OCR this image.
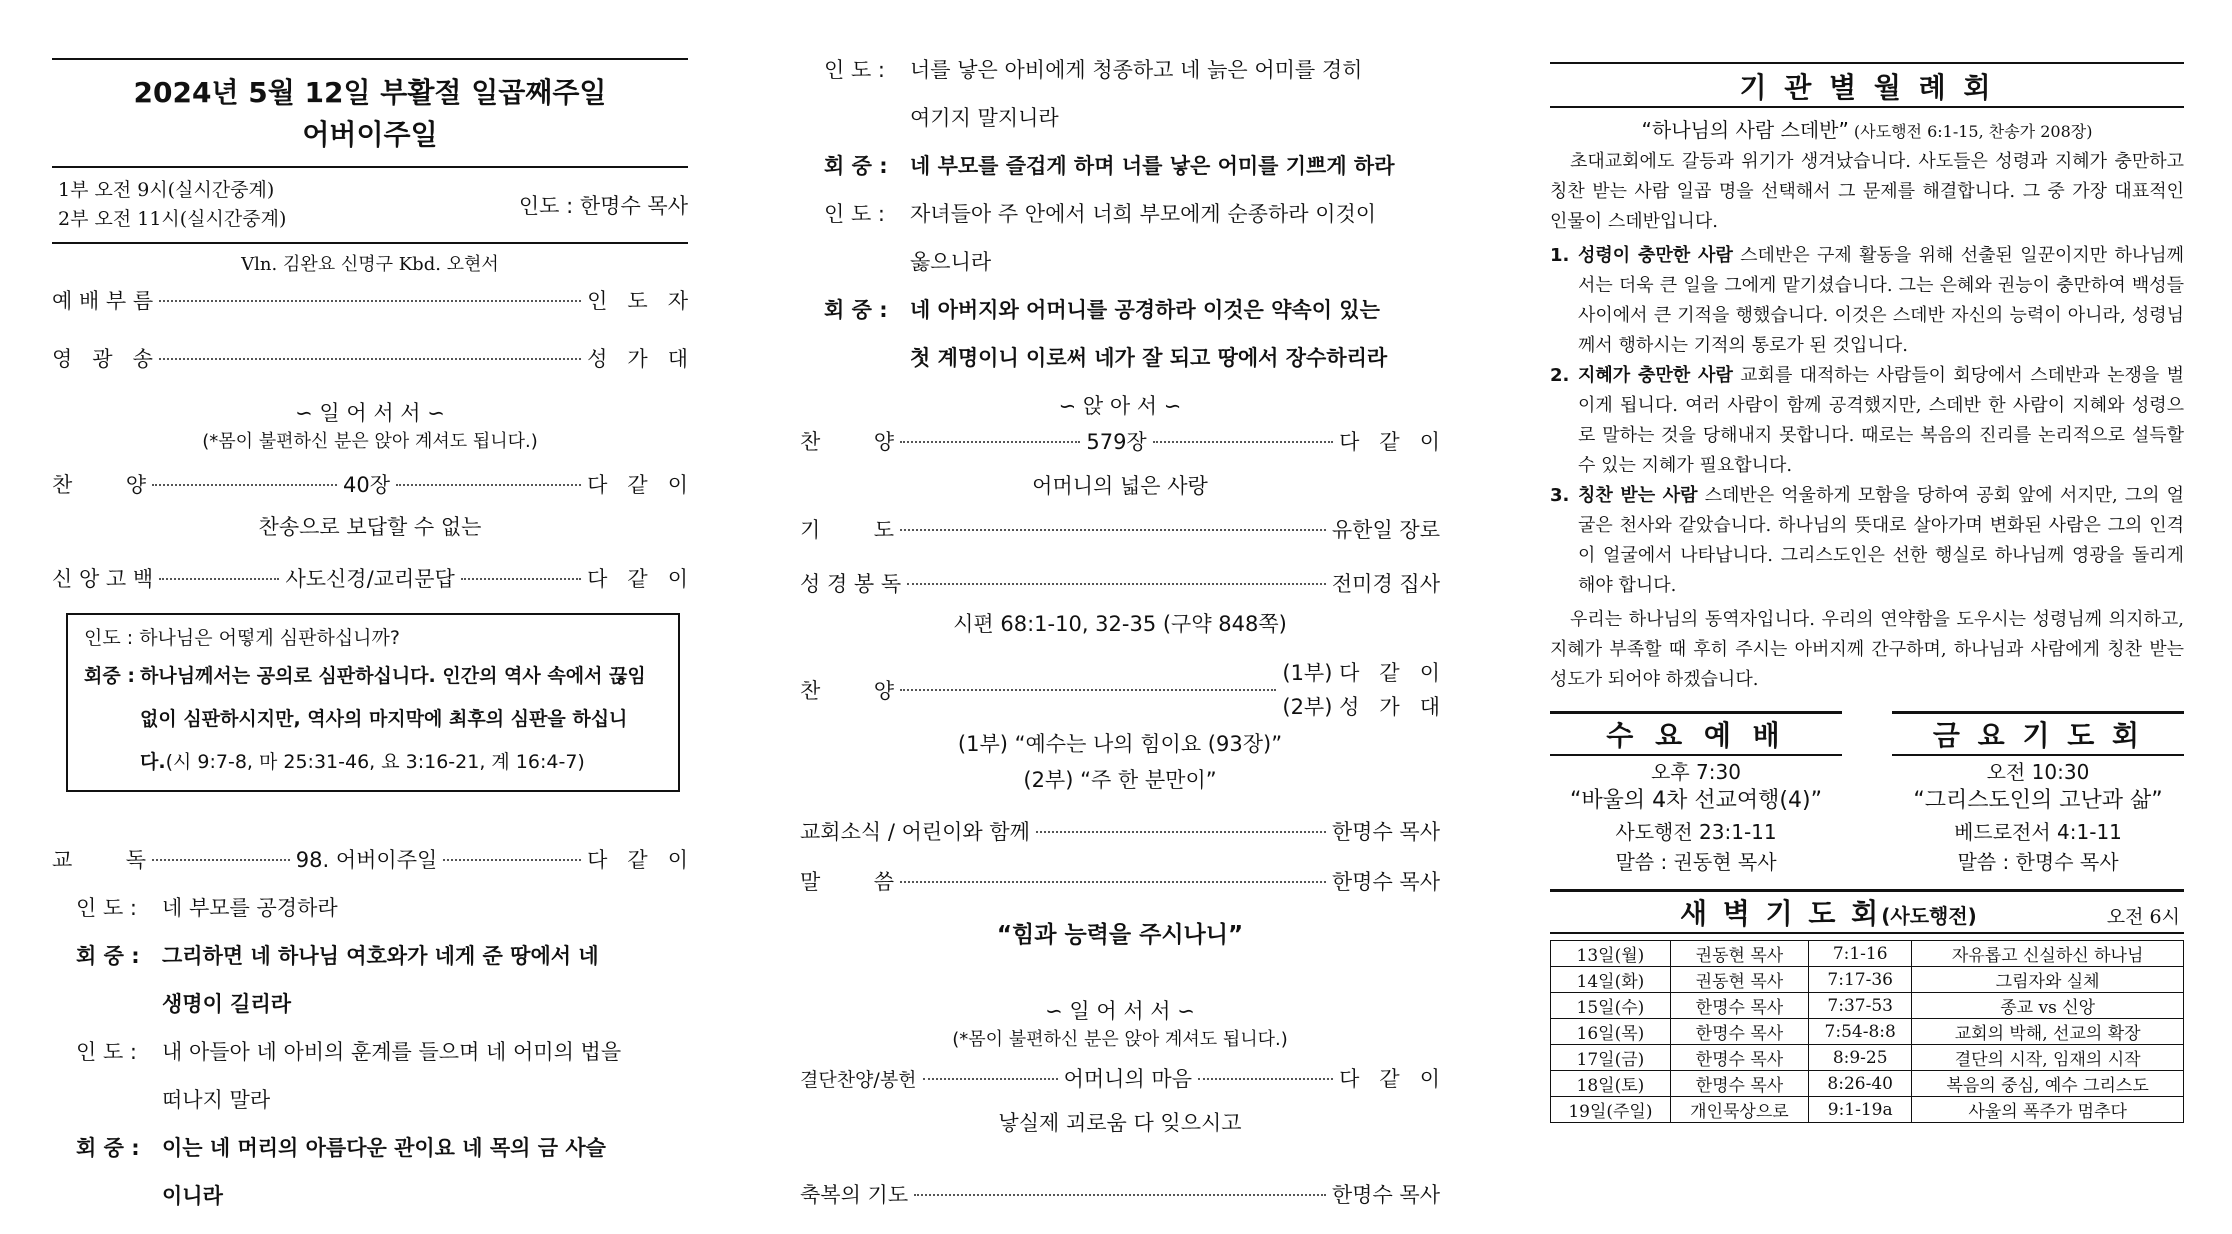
2024년 5월 12일 부활절 일곱째주일
어버이주일
1부 오전 9시(실시간중계)
2부 오전 11시(실시간중계)
인도 : 한명수 목사
Vln. 김완요 신명구 Kbd. 오현서
예 배 부 름	인   도   자
영   광   송	성   가   대
∽ 일 어 서 서 ∽
(*몸이 불편하신 분은 앉아 계셔도 됩니다.)
찬        양	40장	다   같   이
찬송으로 보답할 수 없는
신 앙 고 백	사도신경/교리문답	다   같   이
인도 : 하나님은 어떻게 심판하십니까?
회중 :
하나님께서는 공의로 심판하십니다. 인간의 역사 속에서 끊임
없이 심판하시지만, 역사의 마지막에 최후의 심판을 하십니
다.(시 9:7-8, 마 25:31-46, 요 3:16-21, 계 16:4-7)
교        독	98. 어버이주일	다   같   이
인 도 : 네 부모를 공경하라
회 중 : 그리하면 네 하나님 여호와가 네게 준 땅에서 네
생명이 길리라
인 도 : 내 아들아 네 아비의 훈계를 들으며 네 어미의 법을
떠나지 말라
회 중 : 이는 네 머리의 아름다운 관이요 네 목의 금 사슬
이니라
인 도 : 너를 낳은 아비에게 청종하고 네 늙은 어미를 경히
여기지 말지니라
회 중 : 네 부모를 즐겁게 하며 너를 낳은 어미를 기쁘게 하라
인 도 : 자녀들아 주 안에서 너희 부모에게 순종하라 이것이
옳으니라
회 중 : 네 아버지와 어머니를 공경하라 이것은 약속이 있는
첫 계명이니 이로써 네가 잘 되고 땅에서 장수하리라
∽ 앉 아 서 ∽
찬        양	579장	다   같   이
어머니의 넓은 사랑
기        도	유한일 장로
성 경 봉 독	전미경 집사
시편 68:1-10, 32-35 (구약 848쪽)
찬        양
(1부) 다   같   이
(2부) 성   가   대
(1부) “예수는 나의 힘이요 (93장)”
(2부) “주 한 분만이”
교회소식 / 어린이와 함께	한명수 목사
말        씀	한명수 목사
“힘과 능력을 주시나니”
∽ 일 어 서 서 ∽
(*몸이 불편하신 분은 앉아 계셔도 됩니다.)
결단찬양/봉헌	어머니의 마음	다   같   이
낳실제 괴로움 다 잊으시고
축복의 기도	한명수 목사
기 관 별 월 례 회
“하나님의 사람 스데반” (사도행전 6:1-15, 찬송가 208장)
초대교회에도 갈등과 위기가 생겨났습니다. 사도들은 성령과 지혜가 충만하고 칭찬 받는 사람 일곱 명을 선택해서 그 문제를 해결합니다. 그 중 가장 대표적인 인물이 스데반입니다.
1. 성령이 충만한 사람 스데반은 구제 활동을 위해 선출된 일꾼이지만 하나님께서는 더욱 큰 일을 그에게 맡기셨습니다. 그는 은혜와 권능이 충만하여 백성들 사이에서 큰 기적을 행했습니다. 이것은 스데반 자신의 능력이 아니라, 성령님께서 행하시는 기적의 통로가 된 것입니다.
2. 지혜가 충만한 사람 교회를 대적하는 사람들이 회당에서 스데반과 논쟁을 벌이게 됩니다. 여러 사람이 함께 공격했지만, 스데반 한 사람이 지혜와 성령으로 말하는 것을 당해내지 못합니다. 때로는 복음의 진리를 논리적으로 설득할 수 있는 지혜가 필요합니다.
3. 칭찬 받는 사람 스데반은 억울하게 모함을 당하여 공회 앞에 서지만, 그의 얼굴은 천사와 같았습니다. 하나님의 뜻대로 살아가며 변화된 사람은 그의 인격이 얼굴에서 나타납니다. 그리스도인은 선한 행실로 하나님께 영광을 돌리게 해야 합니다.
우리는 하나님의 동역자입니다. 우리의 연약함을 도우시는 성령님께 의지하고, 지혜가 부족할 때 후히 주시는 아버지께 간구하며, 하나님과 사람에게 칭찬 받는 성도가 되어야 하겠습니다.
수 요 예 배
오후 7:30
“바울의 4차 선교여행(4)”
사도행전 23:1-11
말씀 : 권동현 목사
금 요 기 도 회
오전 10:30
“그리스도인의 고난과 삶”
베드로전서 4:1-11
말씀 : 한명수 목사
새 벽 기 도 회(사도행전)	오전 6시
13일(월)	권동현 목사	7:1-16	자유롭고 신실하신 하나님
14일(화)	권동현 목사	7:17-36	그림자와 실체
15일(수)	한명수 목사	7:37-53	종교 vs 신앙
16일(목)	한명수 목사	7:54-8:8	교회의 박해, 선교의 확장
17일(금)	한명수 목사	8:9-25	결단의 시작, 임재의 시작
18일(토)	한명수 목사	8:26-40	복음의 중심, 예수 그리스도
19일(주일)	개인묵상으로	9:1-19a	사울의 폭주가 멈추다
